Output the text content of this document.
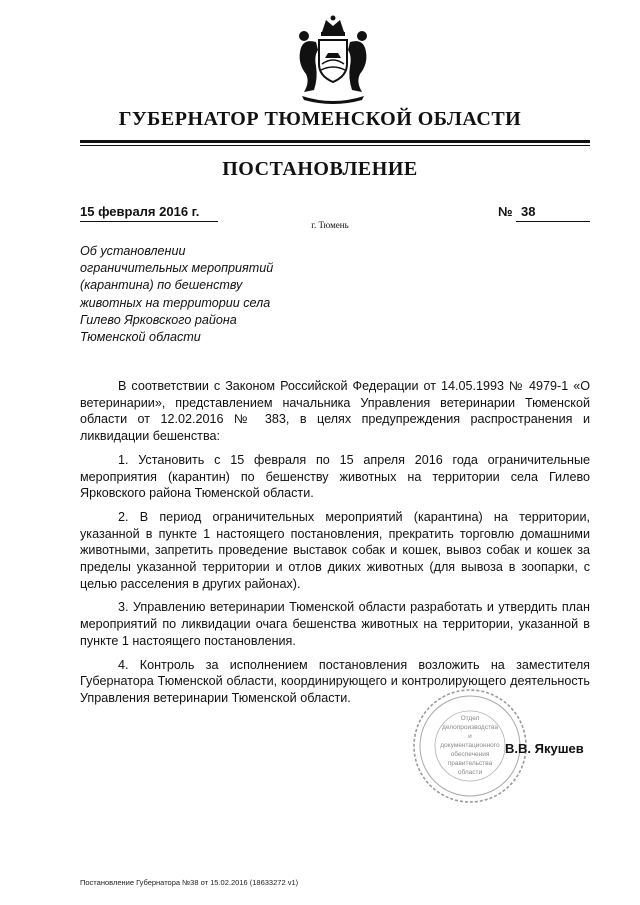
ГУБЕРНАТОР ТЮМЕНСКОЙ ОБЛАСТИ
ПОСТАНОВЛЕНИЕ
15 февраля 2016 г.	№ 38
г. Тюмень
Об установлении
ограничительных мероприятий
(карантина) по бешенству
животных на территории села
Гилево Ярковского района
Тюменской области

В соответствии с Законом Российской Федерации от 14.05.1993 № 4979-1 «О ветеринарии», представлением начальника Управления ветеринарии Тюменской области от 12.02.2016 № 383, в целях предупреждения распространения и ликвидации бешенства:

1. Установить с 15 февраля по 15 апреля 2016 года ограничительные мероприятия (карантин) по бешенству животных на территории села Гилево Ярковского района Тюменской области.

2. В период ограничительных мероприятий (карантина) на территории, указанной в пункте 1 настоящего постановления, прекратить торговлю домашними животными, запретить проведение выставок собак и кошек, вывоз собак и кошек за пределы указанной территории и отлов диких животных (для вывоза в зоопарки, с целью расселения в других районах).

3. Управлению ветеринарии Тюменской области разработать и утвердить план мероприятий по ликвидации очага бешенства животных на территории, указанной в пункте 1 настоящего постановления.

4. Контроль за исполнением постановления возложить на заместителя Губернатора Тюменской области, координирующего и контролирующего деятельность Управления ветеринарии Тюменской области.

Отдел
делопроизводства
и
документационного
обеспечения
правительства
области
В.В. Якушев
Постановление Губернатора №38 от 15.02.2016 (18633272 v1)
